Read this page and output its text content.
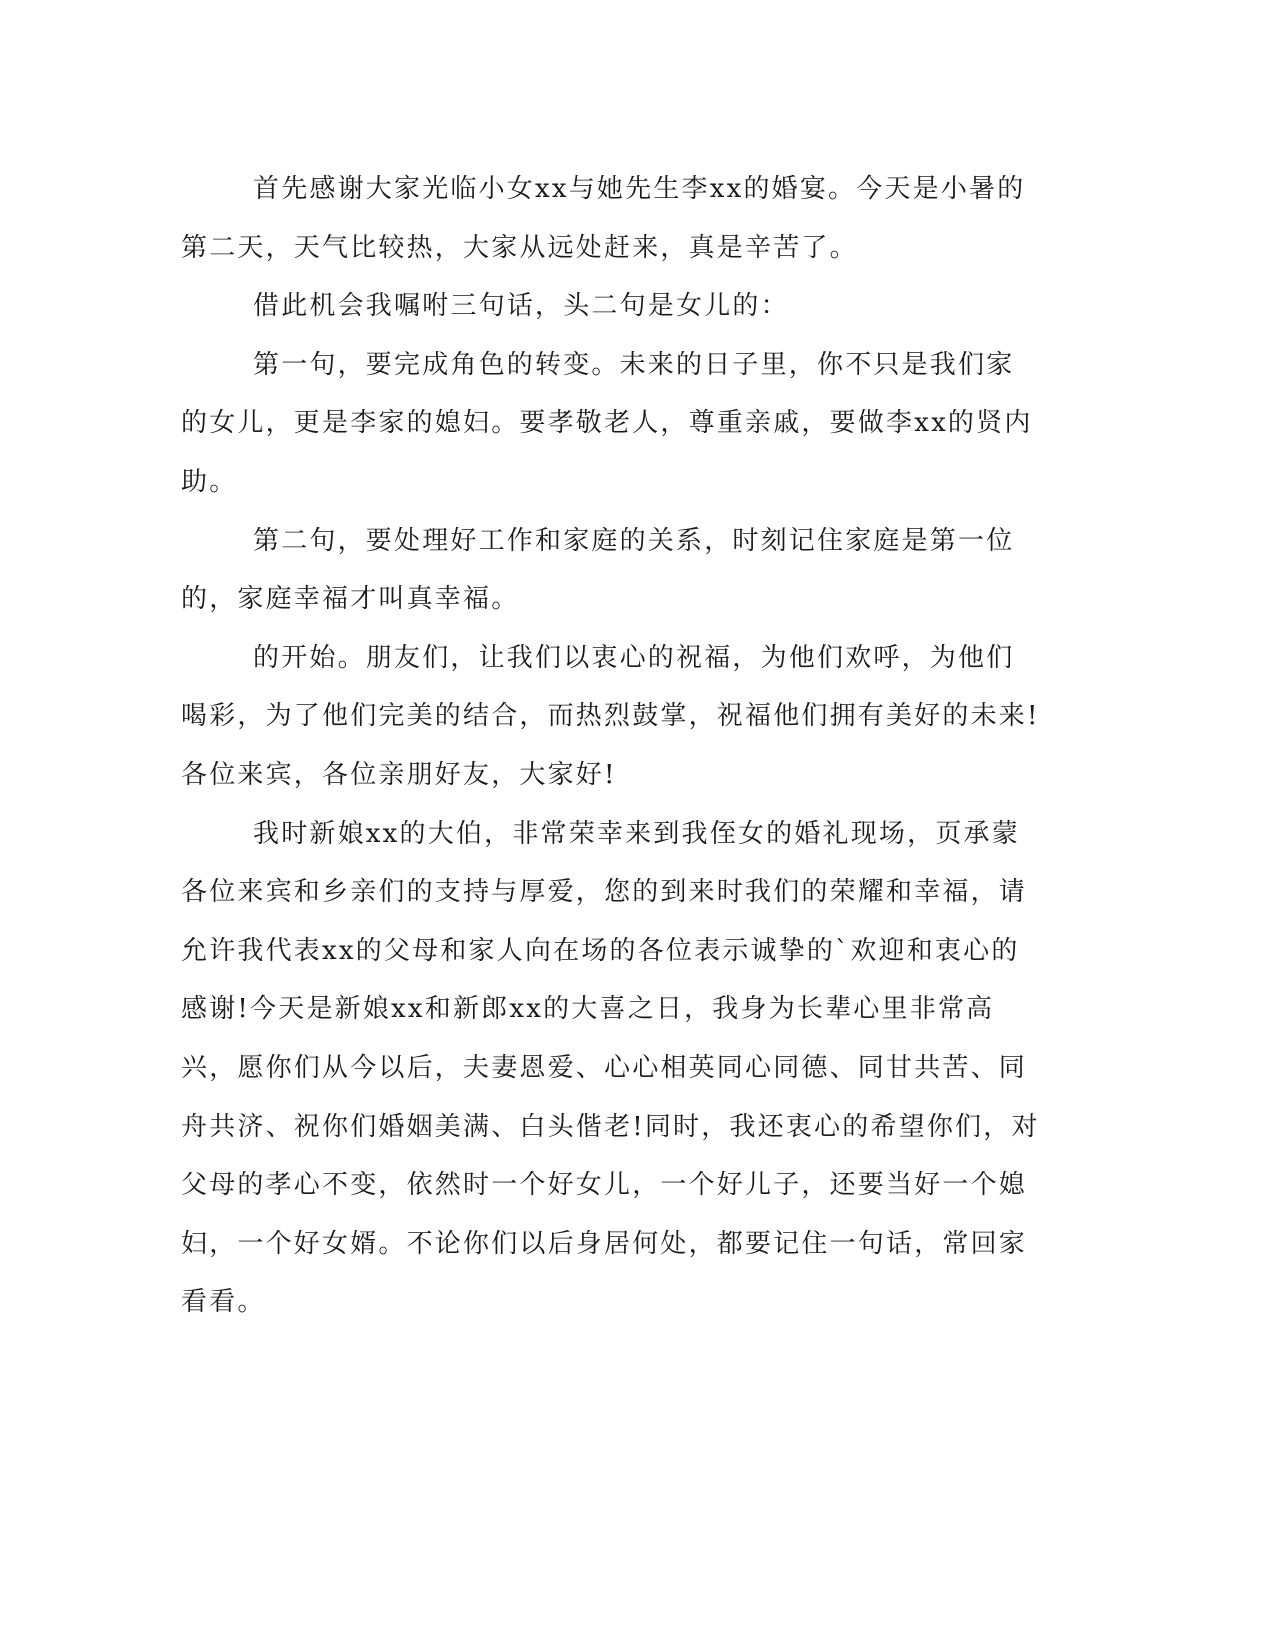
首先感谢大家光临小女xx与她先生李xx的婚宴。今天是小暑的第二天，天气比较热，大家从远处赶来，真是辛苦了。

借此机会我嘱咐三句话，头二句是女儿的：

第一句，要完成角色的转变。未来的日子里，你不只是我们家的女儿，更是李家的媳妇。要孝敬老人，尊重亲戚，要做李xx的贤内助。

第二句，要处理好工作和家庭的关系，时刻记住家庭是第一位的，家庭幸福才叫真幸福。

的开始。朋友们，让我们以衷心的祝福，为他们欢呼，为他们喝彩，为了他们完美的结合，而热烈鼓掌，祝福他们拥有美好的未来!各位来宾，各位亲朋好友，大家好!

我时新娘xx的大伯，非常荣幸来到我侄女的婚礼现场，页承蒙各位来宾和乡亲们的支持与厚爱，您的到来时我们的荣耀和幸福，请允许我代表xx的父母和家人向在场的各位表示诚挚的`欢迎和衷心的感谢!今天是新娘xx和新郎xx的大喜之日，我身为长辈心里非常高兴，愿你们从今以后，夫妻恩爱、心心相英同心同德、同甘共苦、同舟共济、祝你们婚姻美满、白头偕老!同时，我还衷心的希望你们，对父母的孝心不变，依然时一个好女儿，一个好儿子，还要当好一个媳妇，一个好女婿。不论你们以后身居何处，都要记住一句话，常回家看看。
